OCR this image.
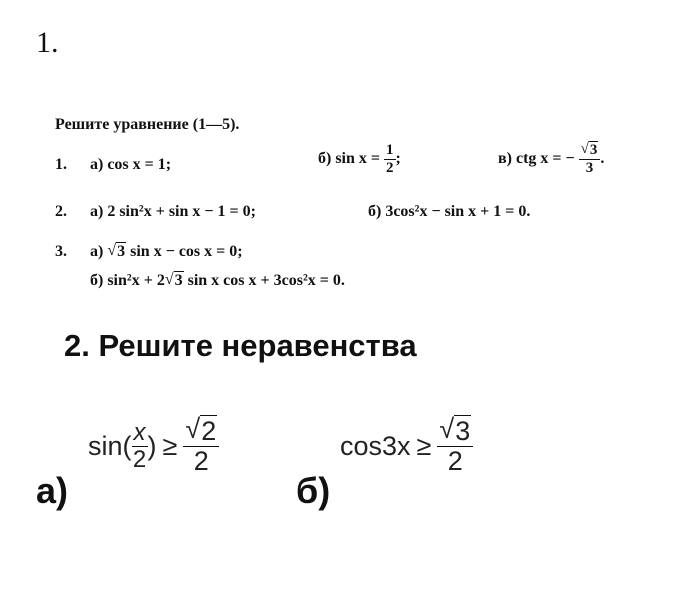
1.
Решите уравнение (1—5).
1. а) cos x = 1;	б) $\sin x = \frac{1}{2}$ ;	в) ctg x = − $\frac{√ 3}{3}$ .
2. а) 2 sin²x + sin x − 1 = 0;	б) 3cos²x − sin x + 1 = 0.
3. а) √ 3 sin x − cos x = 0;
б) sin²x + 2 √ 3 sin x cos x + 3cos²x = 0.
2. Решите неравенства
а)
$\sin( \frac{x}{2}$ ) ≥ $\frac{√ 2}{2}$
б)
$\cos 3x \ge \frac{√ 3}{2}$
